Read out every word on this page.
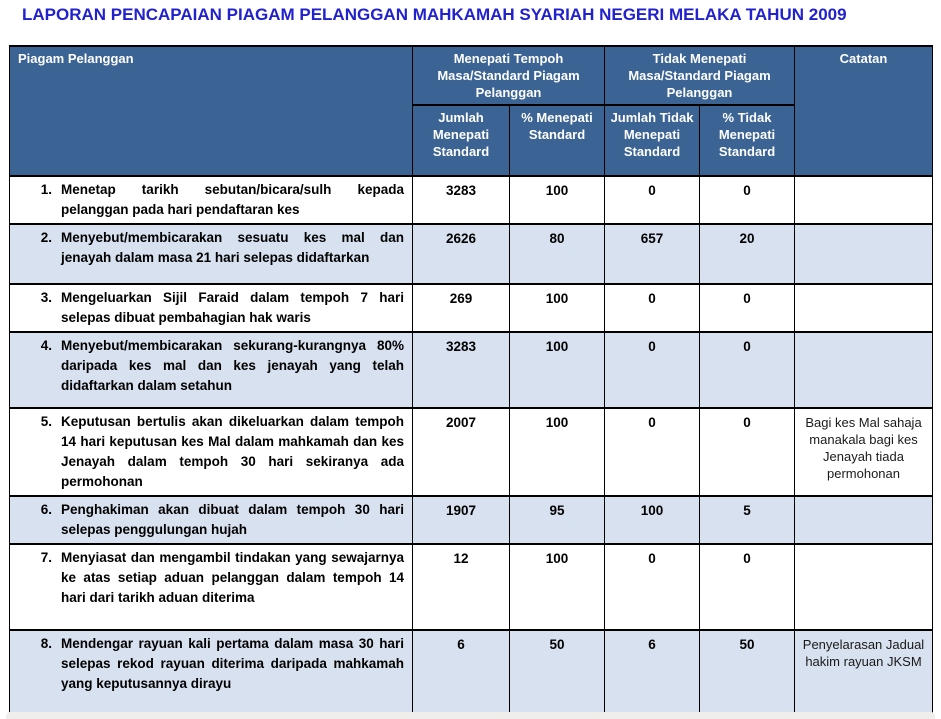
LAPORAN PENCAPAIAN PIAGAM PELANGGAN MAHKAMAH SYARIAH NEGERI MELAKA TAHUN 2009
Piagam Pelanggan	Menepati Tempoh Masa/Standard Piagam Pelanggan		Tidak Menepati Masa/Standard Piagam Pelanggan		Catatan
	Jumlah Menepati Standard	% Menepati Standard	Jumlah Tidak Menepati Standard	% Tidak Menepati Standard	

1. Menetap tarikh sebutan/bicara/sulh kepada pelanggan pada hari pendaftaran kes	3283	100	0	0	

2. Menyebut/membicarakan sesuatu kes mal dan jenayah dalam masa 21 hari selepas didaftarkan	2626	80	657	20	

3. Mengeluarkan Sijil Faraid dalam tempoh 7 hari selepas dibuat pembahagian hak waris	269	100	0	0	

4. Menyebut/membicarakan sekurang-kurangnya 80% daripada kes mal dan kes jenayah yang telah didaftarkan dalam setahun	3283	100	0	0	

5. Keputusan bertulis akan dikeluarkan dalam tempoh 14 hari keputusan kes Mal dalam mahkamah dan kes Jenayah dalam tempoh 30 hari sekiranya ada permohonan	2007	100	0	0	Bagi kes Mal sahaja manakala bagi kes Jenayah tiada permohonan

6. Penghakiman akan dibuat dalam tempoh 30 hari selepas penggulungan hujah	1907	95	100	5	

7. Menyiasat dan mengambil tindakan yang sewajarnya ke atas setiap aduan pelanggan dalam tempoh 14 hari dari tarikh aduan diterima	12	100	0	0	

8. Mendengar rayuan kali pertama dalam masa 30 hari selepas rekod rayuan diterima daripada mahkamah yang keputusannya dirayu	6	50	6	50	Penyelarasan Jadual hakim rayuan JKSM
